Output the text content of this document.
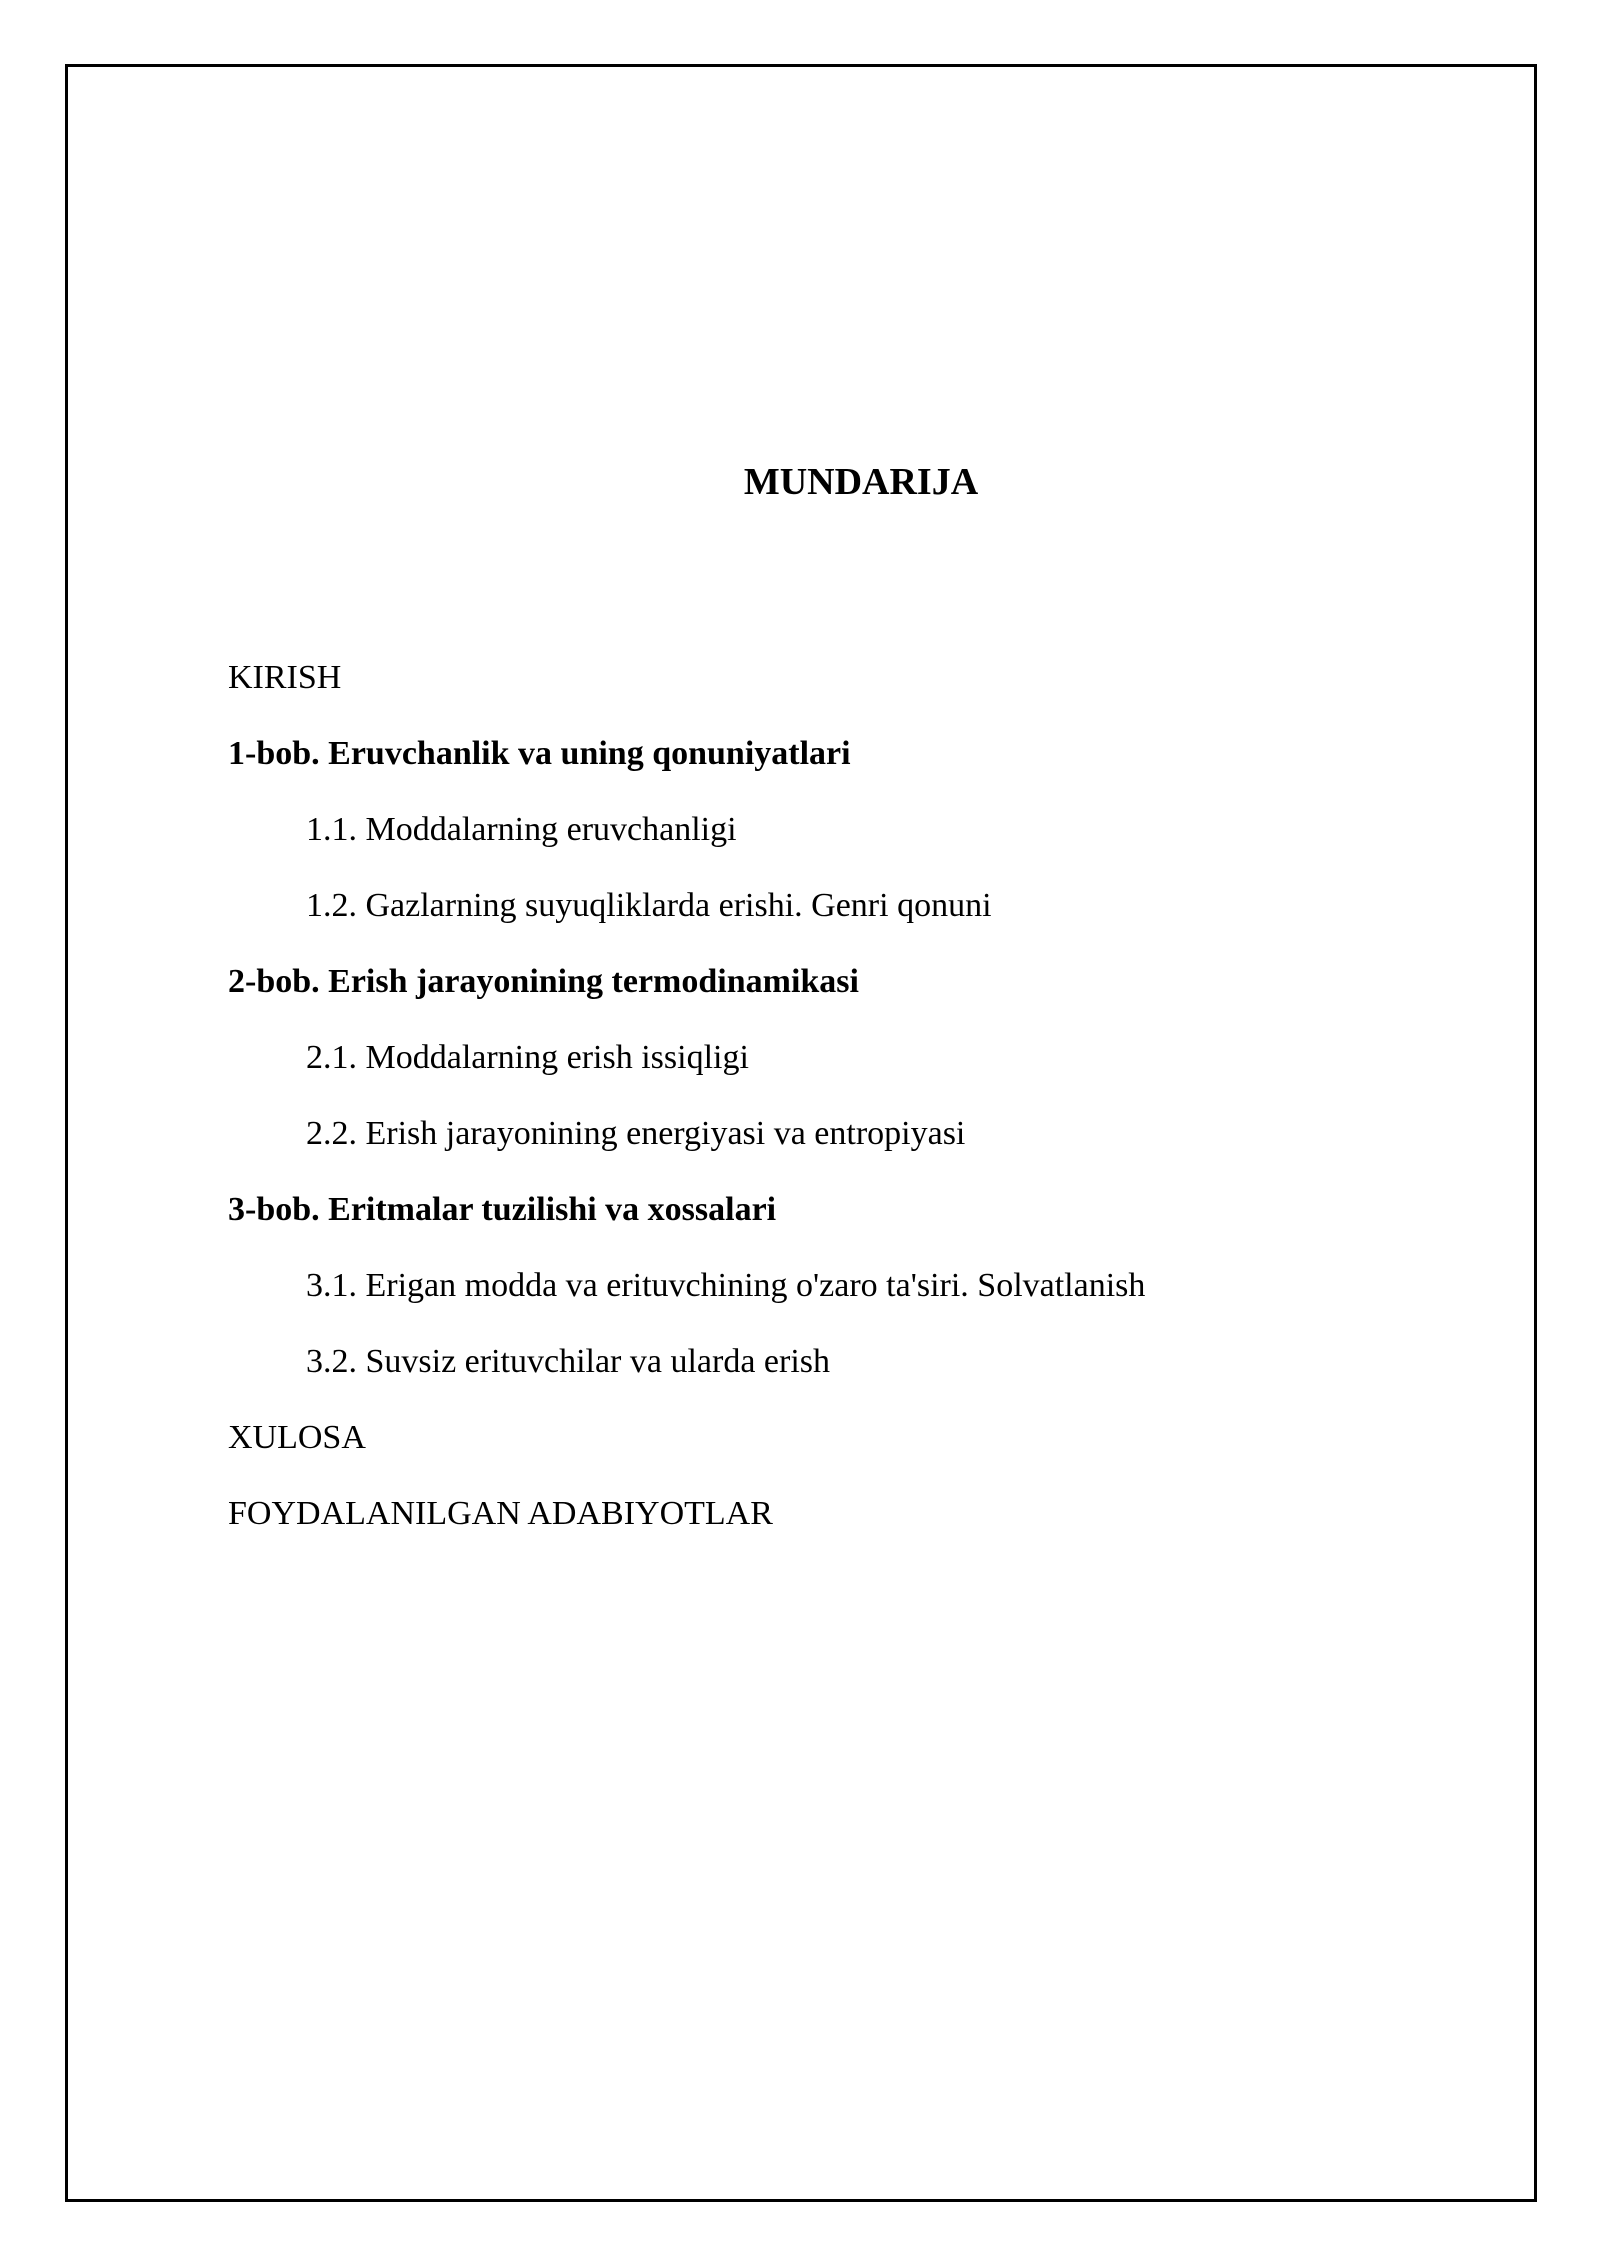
MUNDARIJA
KIRISH
1-bob. Eruvchanlik va uning qonuniyatlari
1.1. Moddalarning eruvchanligi
1.2. Gazlarning suyuqliklarda erishi. Genri qonuni
2-bob. Erish jarayonining termodinamikasi
2.1. Moddalarning erish issiqligi
2.2. Erish jarayonining energiyasi va entropiyasi
3-bob. Eritmalar tuzilishi va xossalari
3.1. Erigan modda va erituvchining o'zaro ta'siri. Solvatlanish
3.2. Suvsiz erituvchilar va ularda erish
XULOSA
FOYDALANILGAN ADABIYOTLAR
